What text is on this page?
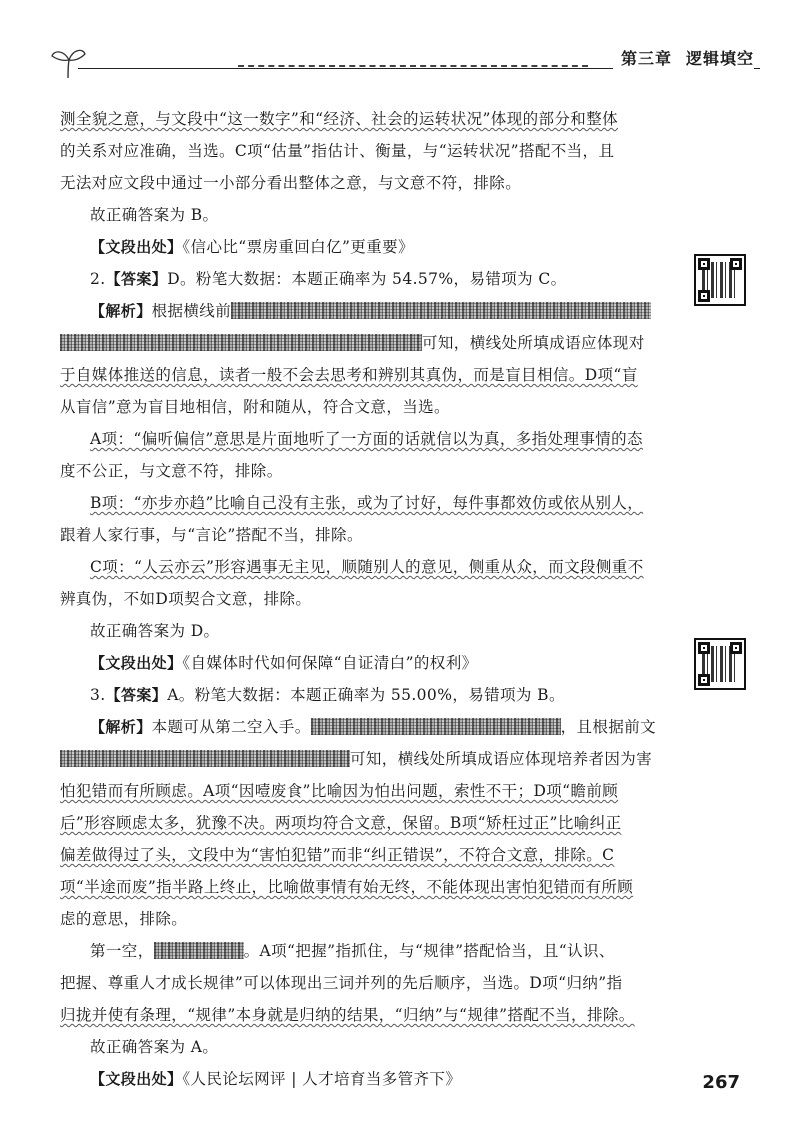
第三章 逻辑填空
测全貌之意，与文段中“这一数字”和“经济、社会的运转状况”体现的部分和整体
的关系对应准确，当选。C项“估量”指估计、衡量，与“运转状况”搭配不当，且
无法对应文段中通过一小部分看出整体之意，与文意不符，排除。
故正确答案为 B。
【文段出处】《信心比“票房重回白亿”更重要》
2.【答案】D。粉笔大数据：本题正确率为 54.57%，易错项为 C。
【解析】根据横线前
可知，横线处所填成语应体现对
于自媒体推送的信息，读者一般不会去思考和辨别其真伪，而是盲目相信。D项“盲
从盲信”意为盲目地相信，附和随从，符合文意，当选。
A项：“偏听偏信”意思是片面地听了一方面的话就信以为真，多指处理事情的态
度不公正，与文意不符，排除。
B项：“亦步亦趋”比喻自己没有主张，或为了讨好，每件事都效仿或依从别人，
跟着人家行事，与“言论”搭配不当，排除。
C项：“人云亦云”形容遇事无主见，顺随别人的意见，侧重从众，而文段侧重不
辨真伪，不如D项契合文意，排除。
故正确答案为 D。
【文段出处】《自媒体时代如何保障“自证清白”的权利》
3.【答案】A。粉笔大数据：本题正确率为 55.00%，易错项为 B。
【解析】本题可从第二空入手。	，且根据前文
可知，横线处所填成语应体现培养者因为害
怕犯错而有所顾虑。A项“因噎废食”比喻因为怕出问题，索性不干；D项“瞻前顾
后”形容顾虑太多，犹豫不决。两项均符合文意，保留。B项“矫枉过正”比喻纠正
偏差做得过了头，文段中为“害怕犯错”而非“纠正错误”，不符合文意，排除。C
项“半途而废”指半路上终止，比喻做事情有始无终，不能体现出害怕犯错而有所顾
虑的意思，排除。
第一空，	。A项“把握”指抓住，与“规律”搭配恰当，且“认识、
把握、尊重人才成长规律”可以体现出三词并列的先后顺序，当选。D项“归纳”指
归拢并使有条理，“规律”本身就是归纳的结果，“归纳”与“规律”搭配不当，排除。
故正确答案为 A。
【文段出处】《人民论坛网评 | 人才培育当多管齐下》	267
